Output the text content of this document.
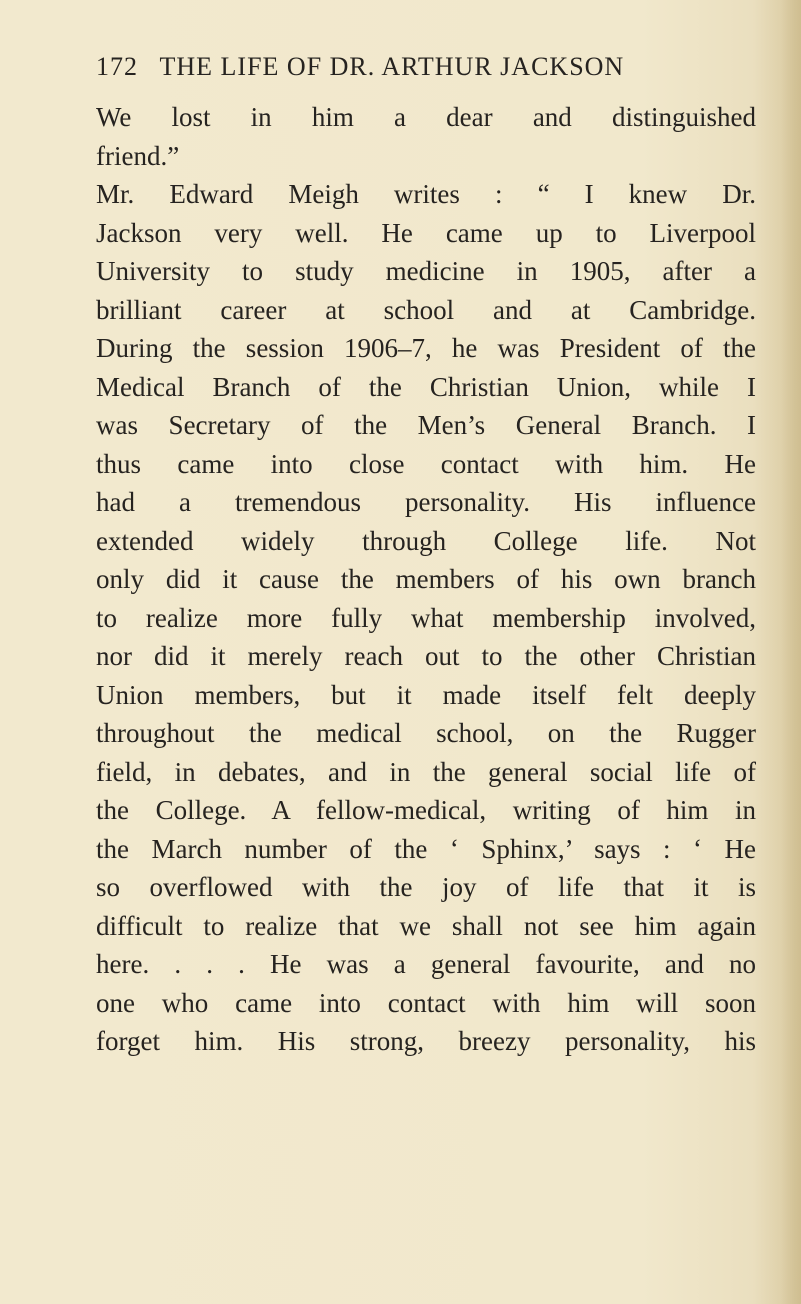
172 THE LIFE OF DR. ARTHUR JACKSON
We lost in him a dear and distinguished
friend.”
Mr. Edward Meigh writes : “ I knew Dr.
Jackson very well. He came up to Liverpool
University to study medicine in 1905, after a
brilliant career at school and at Cambridge.
During the session 1906–7, he was President of the
Medical Branch of the Christian Union, while I
was Secretary of the Men’s General Branch. I
thus came into close contact with him. He
had a tremendous personality. His influence
extended widely through College life. Not
only did it cause the members of his own branch
to realize more fully what membership involved,
nor did it merely reach out to the other Christian
Union members, but it made itself felt deeply
throughout the medical school, on the Rugger
field, in debates, and in the general social life of
the College. A fellow-medical, writing of him in
the March number of the ‘ Sphinx,’ says : ‘ He
so overflowed with the joy of life that it is
difficult to realize that we shall not see him again
here. . . . He was a general favourite, and no
one who came into contact with him will soon
forget him. His strong, breezy personality, his
